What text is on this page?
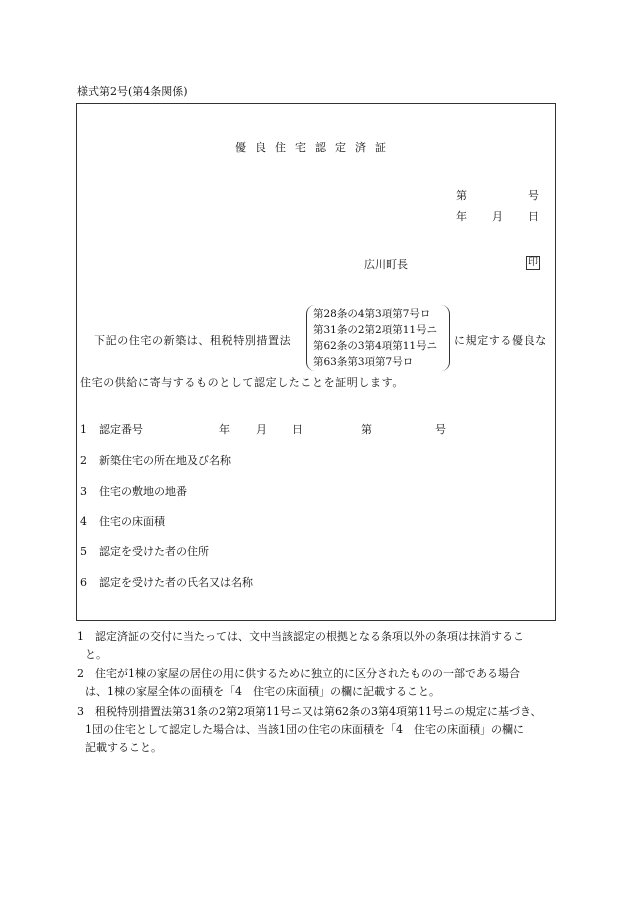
様式第2号(第4条関係)
優良住宅認定済証
第	号
年 月 日
広川町長	印
下記の住宅の新築は、租税特別措置法
第28条の4第3項第7号ロ
第31条の2第2項第11号ニ
第62条の3第4項第11号ニ
第63条第3項第7号ロ
に規定する優良な
住宅の供給に寄与するものとして認定したことを証明します。
1 認定番号	年 月 日	第	号
2 新築住宅の所在地及び名称
3 住宅の敷地の地番
4 住宅の床面積
5 認定を受けた者の住所
6 認定を受けた者の氏名又は名称
1　 認定済証の交付に当たっては、文中当該認定の根拠となる条項以外の条項は抹消するこ
と。
2　 住宅が1棟の家屋の居住の用に供するために独立的に区分されたものの一部である場合
は、1棟の家屋全体の面積を「4　住宅の床面積」の欄に記載すること。
3　 租税特別措置法第31条の2第2項第11号ニ又は第62条の3第4項第11号ニの規定に基づき、
1団の住宅として認定した場合は、当該1団の住宅の床面積を「4　住宅の床面積」の欄に
記載すること。
